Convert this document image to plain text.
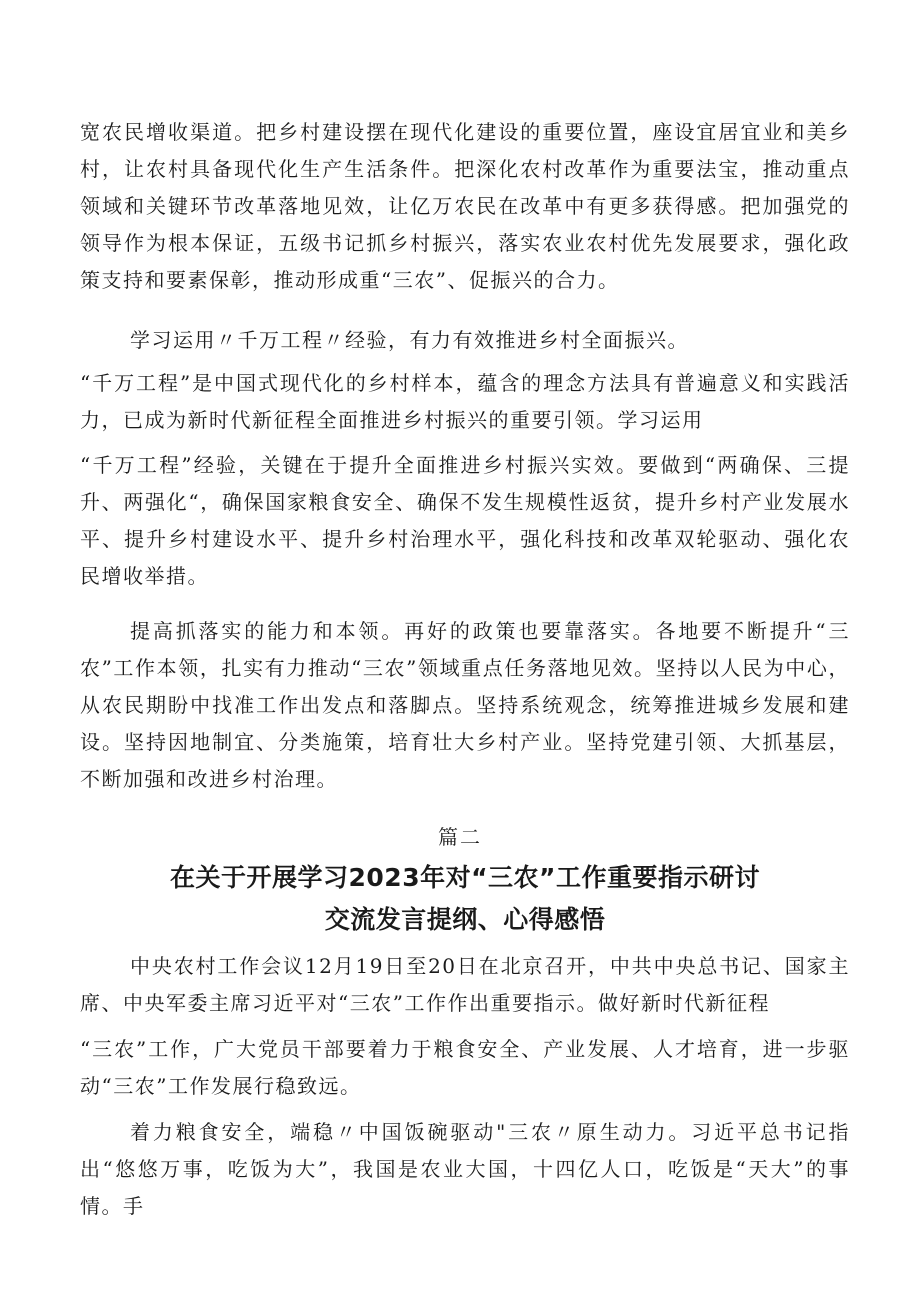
宽农民增收渠道。把乡村建设摆在现代化建设的重要位置，座设宜居宜业和美乡村，让农村具备现代化生产生活条件。把深化农村改革作为重要法宝，推动重点领域和关键环节改革落地见效，让亿万农民在改革中有更多获得感。把加强党的领导作为根本保证，五级书记抓乡村振兴，落实农业农村优先发展要求，强化政策支持和要素保彰，推动形成重“三农”、促振兴的合力。

学习运用〃千万工程〃经验，有力有效推进乡村全面振兴。

“千万工程”是中国式现代化的乡村样本，蕴含的理念方法具有普遍意义和实践活力，已成为新时代新征程全面推进乡村振兴的重要引领。学习运用

“千万工程”经验，关键在于提升全面推进乡村振兴实效。要做到“两确保、三提升、两强化“，确保国家粮食安全、确保不发生规模性返贫，提升乡村产业发展水平、提升乡村建设水平、提升乡村治理水平，强化科技和改革双轮驱动、强化农民增收举措。

提高抓落实的能力和本领。再好的政策也要靠落实。各地要不断提升“三农”工作本领，扎实有力推动“三农”领域重点任务落地见效。坚持以人民为中心，从农民期盼中找准工作出发点和落脚点。坚持系统观念，统筹推进城乡发展和建设。坚持因地制宜、分类施策，培育壮大乡村产业。坚持党建引领、大抓基层，不断加强和改进乡村治理。

篇二

在关于开展学习2023年对“三农”工作重要指示研讨
交流发言提纲、心得感悟

中央农村工作会议12月19日至20日在北京召开，中共中央总书记、国家主席、中央军委主席习近平对“三农”工作作出重要指示。做好新时代新征程

“三农”工作，广大党员干部要着力于粮食安全、产业发展、人才培育，进一步驱动“三农”工作发展行稳致远。

着力粮食安全，端稳〃中国饭碗驱动"三农〃原生动力。习近平总书记指出“悠悠万事，吃饭为大”，我国是农业大国，十四亿人口，吃饭是“天大”的事情。手
